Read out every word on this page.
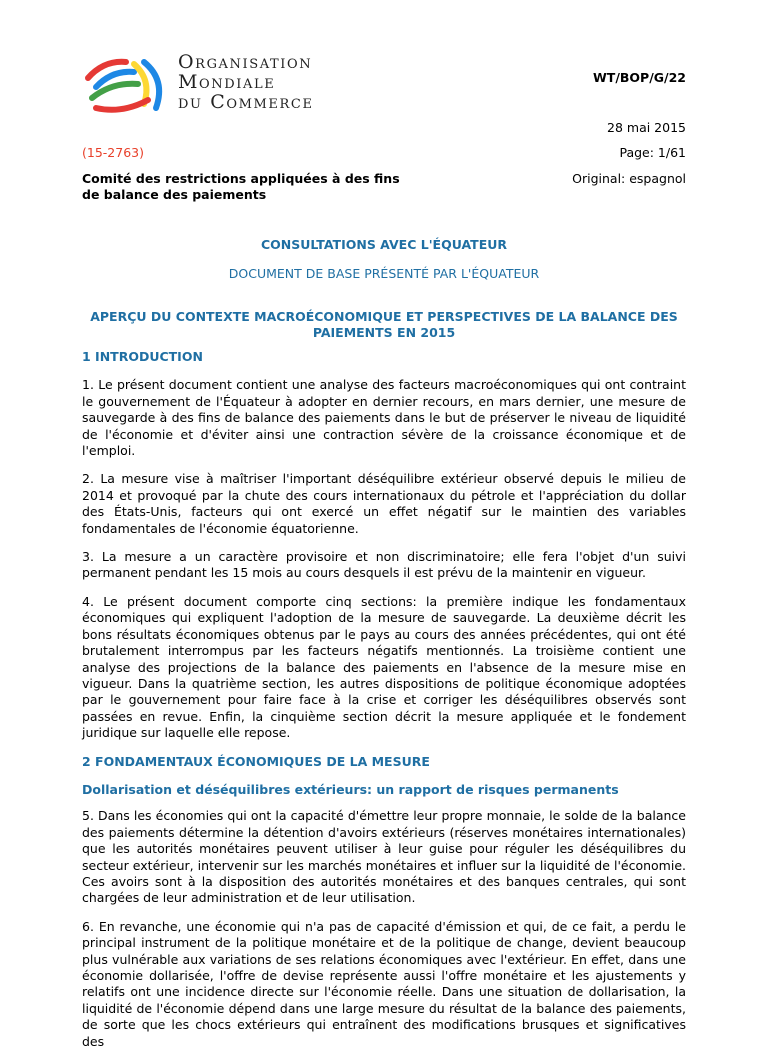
Organisation
Mondiale
du Commerce
WT/BOP/G/22
28 mai 2015
(15-2763)	Page: 1/61
Comité des restrictions appliquées à des fins de balance des paiements
Original: espagnol
CONSULTATIONS AVEC L'ÉQUATEUR
DOCUMENT DE BASE PRÉSENTÉ PAR L'ÉQUATEUR
APERÇU DU CONTEXTE MACROÉCONOMIQUE ET PERSPECTIVES DE LA BALANCE DES PAIEMENTS EN 2015
1 INTRODUCTION

1. Le présent document contient une analyse des facteurs macroéconomiques qui ont contraint le gouvernement de l'Équateur à adopter en dernier recours, en mars dernier, une mesure de sauvegarde à des fins de balance des paiements dans le but de préserver le niveau de liquidité de l'économie et d'éviter ainsi une contraction sévère de la croissance économique et de l'emploi.

2. La mesure vise à maîtriser l'important déséquilibre extérieur observé depuis le milieu de 2014 et provoqué par la chute des cours internationaux du pétrole et l'appréciation du dollar des États-Unis, facteurs qui ont exercé un effet négatif sur le maintien des variables fondamentales de l'économie équatorienne.

3. La mesure a un caractère provisoire et non discriminatoire; elle fera l'objet d'un suivi permanent pendant les 15 mois au cours desquels il est prévu de la maintenir en vigueur.

4. Le présent document comporte cinq sections: la première indique les fondamentaux économiques qui expliquent l'adoption de la mesure de sauvegarde. La deuxième décrit les bons résultats économiques obtenus par le pays au cours des années précédentes, qui ont été brutalement interrompus par les facteurs négatifs mentionnés. La troisième contient une analyse des projections de la balance des paiements en l'absence de la mesure mise en vigueur. Dans la quatrième section, les autres dispositions de politique économique adoptées par le gouvernement pour faire face à la crise et corriger les déséquilibres observés sont passées en revue. Enfin, la cinquième section décrit la mesure appliquée et le fondement juridique sur laquelle elle repose.

2 FONDAMENTAUX ÉCONOMIQUES DE LA MESURE
Dollarisation et déséquilibres extérieurs: un rapport de risques permanents

5. Dans les économies qui ont la capacité d'émettre leur propre monnaie, le solde de la balance des paiements détermine la détention d'avoirs extérieurs (réserves monétaires internationales) que les autorités monétaires peuvent utiliser à leur guise pour réguler les déséquilibres du secteur extérieur, intervenir sur les marchés monétaires et influer sur la liquidité de l'économie. Ces avoirs sont à la disposition des autorités monétaires et des banques centrales, qui sont chargées de leur administration et de leur utilisation.

6. En revanche, une économie qui n'a pas de capacité d'émission et qui, de ce fait, a perdu le principal instrument de la politique monétaire et de la politique de change, devient beaucoup plus vulnérable aux variations de ses relations économiques avec l'extérieur. En effet, dans une économie dollarisée, l'offre de devise représente aussi l'offre monétaire et les ajustements y relatifs ont une incidence directe sur l'économie réelle. Dans une situation de dollarisation, la liquidité de l'économie dépend dans une large mesure du résultat de la balance des paiements, de sorte que les chocs extérieurs qui entraînent des modifications brusques et significatives des
